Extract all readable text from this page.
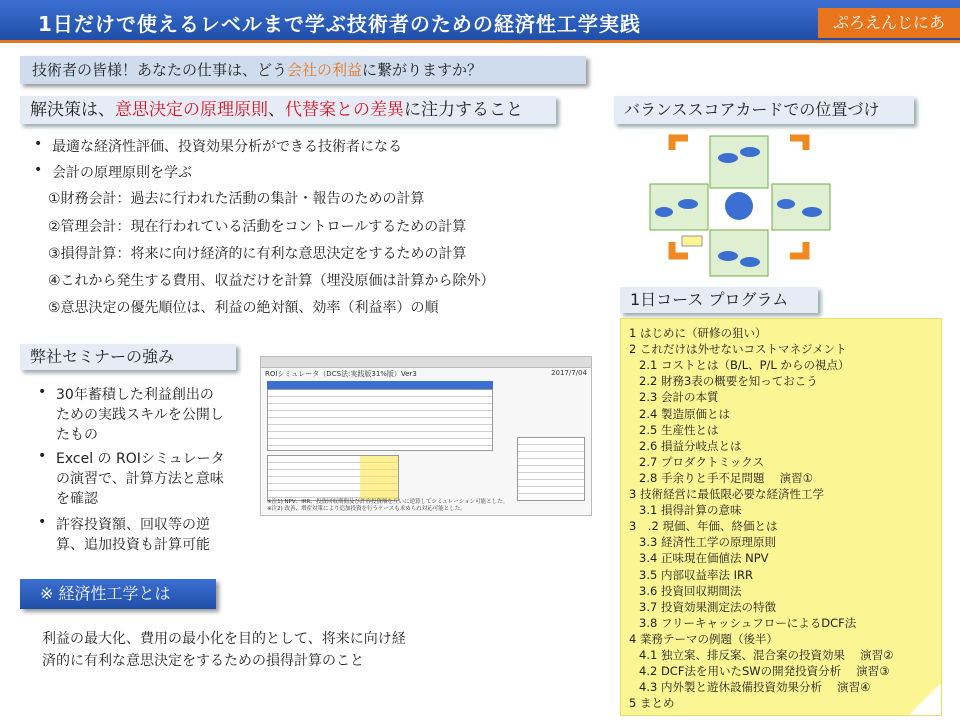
1日だけで使えるレベルまで学ぶ技術者のための経済性工学実践	ぷろえんじにあ
技術者の皆様！あなたの仕事は、どう会社の利益に繋がりますか？
解決策は、意思決定の原理原則、代替案との差異に注力すること
• 最適な経済性評価、投資効果分析ができる技術者になる
• 会計の原理原則を学ぶ
①財務会計：過去に行われた活動の集計・報告のための計算
②管理会計：現在行われている活動をコントロールするための計算
③損得計算：将来に向け経済的に有利な意思決定をするための計算
④これから発生する費用、収益だけを計算（埋没原価は計算から除外）
⑤意思決定の優先順位は、利益の絶対額、効率（利益率）の順
弊社セミナーの強み
• 30年蓄積した利益創出の
ための実践スキルを公開し
たもの
• Excel の ROIシミュレータ
の演習で、計算方法と意味
を確認
• 許容投資額、回収等の逆
算、追加投資も計算可能
ROIシミュレータ（DCS法:実践版31%版）Ver3	2017/7/04
※注1) NPV、IRR、投資回収期間及び許容投資額を互いに逆算してシミュレーション可能とした。
※注2) 改善、増産対策により追加投資を行うケースも求められ対応可能とした。
※ 経済性工学とは
利益の最大化、費用の最小化を目的として、将来に向け経
済的に有利な意思決定をするための損得計算のこと
バランススコアカードでの位置づけ
1日コース プログラム
1 はじめに（研修の狙い）
2 これだけは外せないコストマネジメント
2.1 コストとは（B/L、P/L からの視点）
2.2 財務3表の概要を知っておこう
2.3 会計の本質
2.4 製造原価とは
2.5 生産性とは
2.6 損益分岐点とは
2.7 プロダクトミックス
2.8 手余りと手不足問題　 演習①
3 技術経営に最低限必要な経済性工学
3.1 損得計算の意味
3　.2 現価、年価、終価とは
3.3 経済性工学の原理原則
3.4 正味現在価値法 NPV
3.5 内部収益率法 IRR
3.6 投資回収期間法
3.7 投資効果測定法の特徴
3.8 フリーキャッシュフローによるDCF法
4 業務テーマの例題（後半）
4.1 独立案、排反案、混合案の投資効果　 演習②
4.2 DCF法を用いたSWの開発投資分析　 演習③
4.3 内外製と遊休設備投資効果分析　 演習④
5 まとめ
